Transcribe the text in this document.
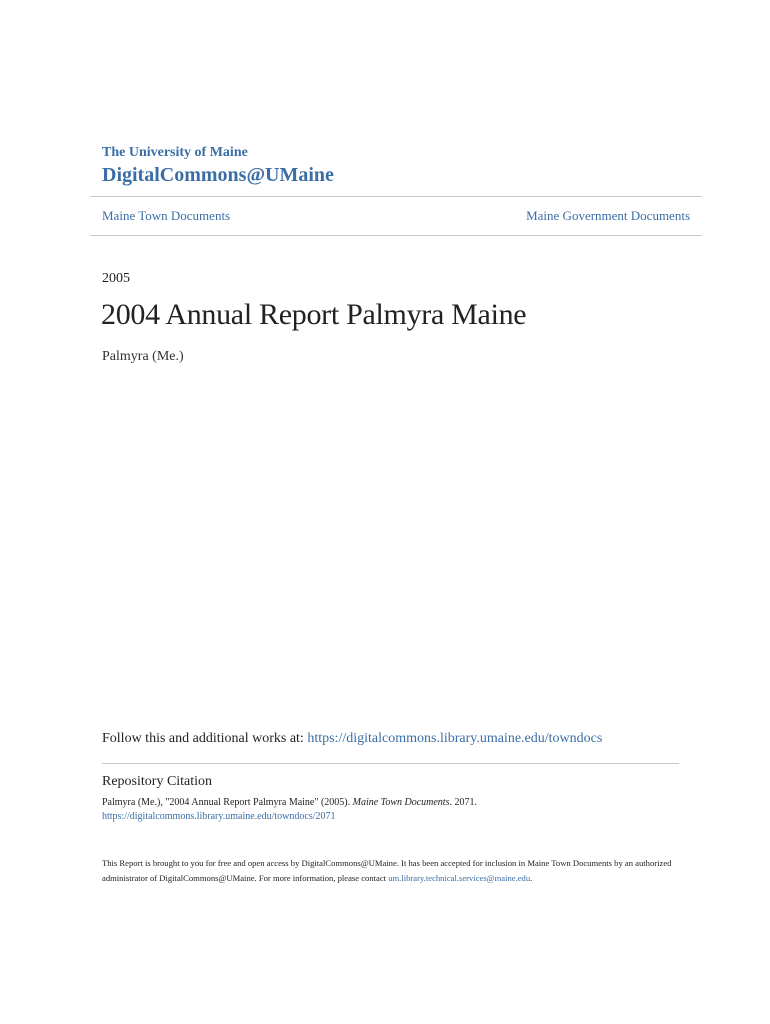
The University of Maine
DigitalCommons@UMaine
Maine Town Documents	Maine Government Documents
2005
2004 Annual Report Palmyra Maine
Palmyra (Me.)
Follow this and additional works at: https://digitalcommons.library.umaine.edu/towndocs
Repository Citation
Palmyra (Me.), "2004 Annual Report Palmyra Maine" (2005). Maine Town Documents. 2071.
https://digitalcommons.library.umaine.edu/towndocs/2071
This Report is brought to you for free and open access by DigitalCommons@UMaine. It has been accepted for inclusion in Maine Town Documents by an authorized administrator of DigitalCommons@UMaine. For more information, please contact um.library.technical.services@maine.edu.
